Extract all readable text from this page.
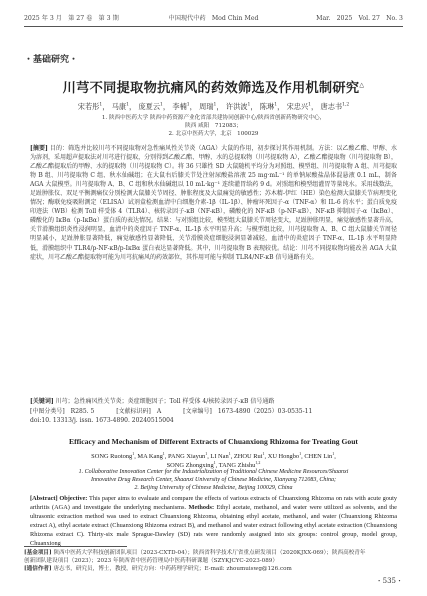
2025 年 3 月　第 27 卷　第 3 期	中国现代中药　Mod Chin Med	Mar.　2025　Vol. 27　No. 3
・基础研究・
川芎不同提取物抗痛风的药效筛选及作用机制研究△
宋若彤$^1$， 马康$^1$， 庞夏云$^1$， 李楠$^1$， 周瑞$^1$， 许洪波$^1$， 陈琳$^1$， 宋忠兴$^1$， 唐志书$^{1,2}$
1. 陕西中医药大学 陕西中药资源产业化省部共建协同创新中心/陕西省创新药物研究中心，
陕西 咸阳　712083；
2. 北京中医药大学，北京　100029
[摘要] 目的：筛选并比较川芎不同提取物对急性痛风性关节炎（AGA）大鼠的作用，初步探讨其作用机制。方法：以乙酸乙酯、甲醇、水为溶剂，采用超声提取法对川芎进行提取，分别得到乙酸乙酯、甲醇、水的总提取物（川芎提取物 A），乙酸乙酯提取物（川芎提取物 B），乙酸乙酯提取后的甲醇、水的提取物（川芎提取物 C）。将 36 只雄性 SD 大鼠随机平均分为对照组、模型组、川芎提取物 A 组、川芎提取物 B 组、川芎提取物 C 组、秋水仙碱组；在大鼠右后膝关节处注射尿酸盐溶液 25 mg·mL⁻¹ 的单钠尿酸盐晶体混悬液 0.1 mL，制备 AGA 大鼠模型。川芎提取物 A、B、C 组和秋水仙碱组以 10 mL·kg⁻¹ 连续灌胃给药 9 d。对照组和模型组灌胃等量纯水。采用线数法，足趾肿胀仪、双足平衡测痛仪分别检测大鼠膝关节周径、肿胀程度及大鼠痛觉的敏感性；苏木精-伊红（HE）染色检测大鼠膝关节病理变化情况；酶联免疫吸附测定（ELISA）试剂盒检测血清中白细胞介素-1β（IL-1β）、肿瘤坏死因子-α（TNF-α）和 IL-6 的水平；蛋白质免疫印迹法（WB）检测 Toll 样受体 4（TLR4）、核转录因子-κB（NF-κB），磷酸化的 NF-κB（p-NF-κB）、NF-κB 抑制因子-α（IκBα）、磷酸化的 IκBα（p-IκBα）蛋白质的表达情况。结果：与对照组比较，模型组大鼠膝关节周径变大，足趾肿胀明显，痛觉敏感性显著升高，关节滑膜组织炎性浸润明显，血清中的炎症因子 TNF-α、IL-1β 水平明显升高；与模型组比较，川芎提取物 A、B、C 组大鼠膝关节周径明显减小，足趾肿胀显著降低，痛觉敏感性显著降低，关节滑膜炎症细胞浸润显著减轻，血清中的炎症因子 TNF-α、IL-1β 水平明显降低，滑膜组织中 TLR4/p-NF-κB/p-IκBα 蛋白表达显著降低。其中，川芎提取物 B 表现较优。结论：川芎不同提取物均能改善 AGA 大鼠症状，川芎乙酸乙酯提取物可能为川芎抗痛风的药效部位，其作用可能与抑制 TLR4/NF-κB 信号通路有关。
[关键词] 川芎；急性痛风性关节炎；炎症细胞因子；Toll 样受体 4/核转录因子-κB 信号通路
[中图分类号]　R285. 5	[文献标识码]　A	[文章编号]　1673-4890（2025）03-0535-11
doi:10. 13313/j. issn. 1673-4890. 20240515004
Efficacy and Mechanism of Different Extracts of Chuanxiong Rhizoma for Treating Gout
SONG Ruotong$^1$, MA Kang$^1$, PANG Xiayun$^1$, LI Nan$^1$, ZHOU Rui$^1$, XU Hongbo$^1$, CHEN Lin$^1$,
SONG Zhongxing$^1$, TANG Zhishu$^{1,2}$
1. Collaborative Innovation Center for the Industrialization of Traditional Chinese Medicine Resources/Shaanxi
Innovative Drug Research Center, Shaanxi University of Chinese Medicine, Xianyang 712083, China;
2. Beijing University of Chinese Medicine, Beijing 100029, China
[Abstract] Objective: This paper aims to evaluate and compare the effects of various extracts of Chuanxiong Rhizoma on rats with acute gouty arthritis (AGA) and investigate the underlying mechanisms. Methods: Ethyl acetate, methanol, and water were utilized as solvents, and the ultrasonic extraction method was used to extract Chuanxiong Rhizoma, obtaining ethyl acetate, methanol, and water (Chuanxiong Rhizoma extract A), ethyl acetate extract (Chuanxiong Rhizoma extract B), and methanol and water extract following ethyl acetate extraction (Chuanxiong Rhizoma extract C). Thirty-six male Sprague-Dawley (SD) rats were randomly assigned into six groups: control group, model group, Chuanxiong
[基金项目] 陕西中医药大学科技创新团队项目（2023-CXTD-04）；陕西省科学技术厅省重点研发项目（2020KJXX-069）；陕西高校青年创新团队建设项目（2023）；2023 年陕西省中医药管理局中医药科研课题（SZYKJCYC-2023-089）
[通信作者] 唐志书，研究员，博士，教授，研究方向：中药药理学研究；E-mail: zhoumuiswg@126.com
・535・
